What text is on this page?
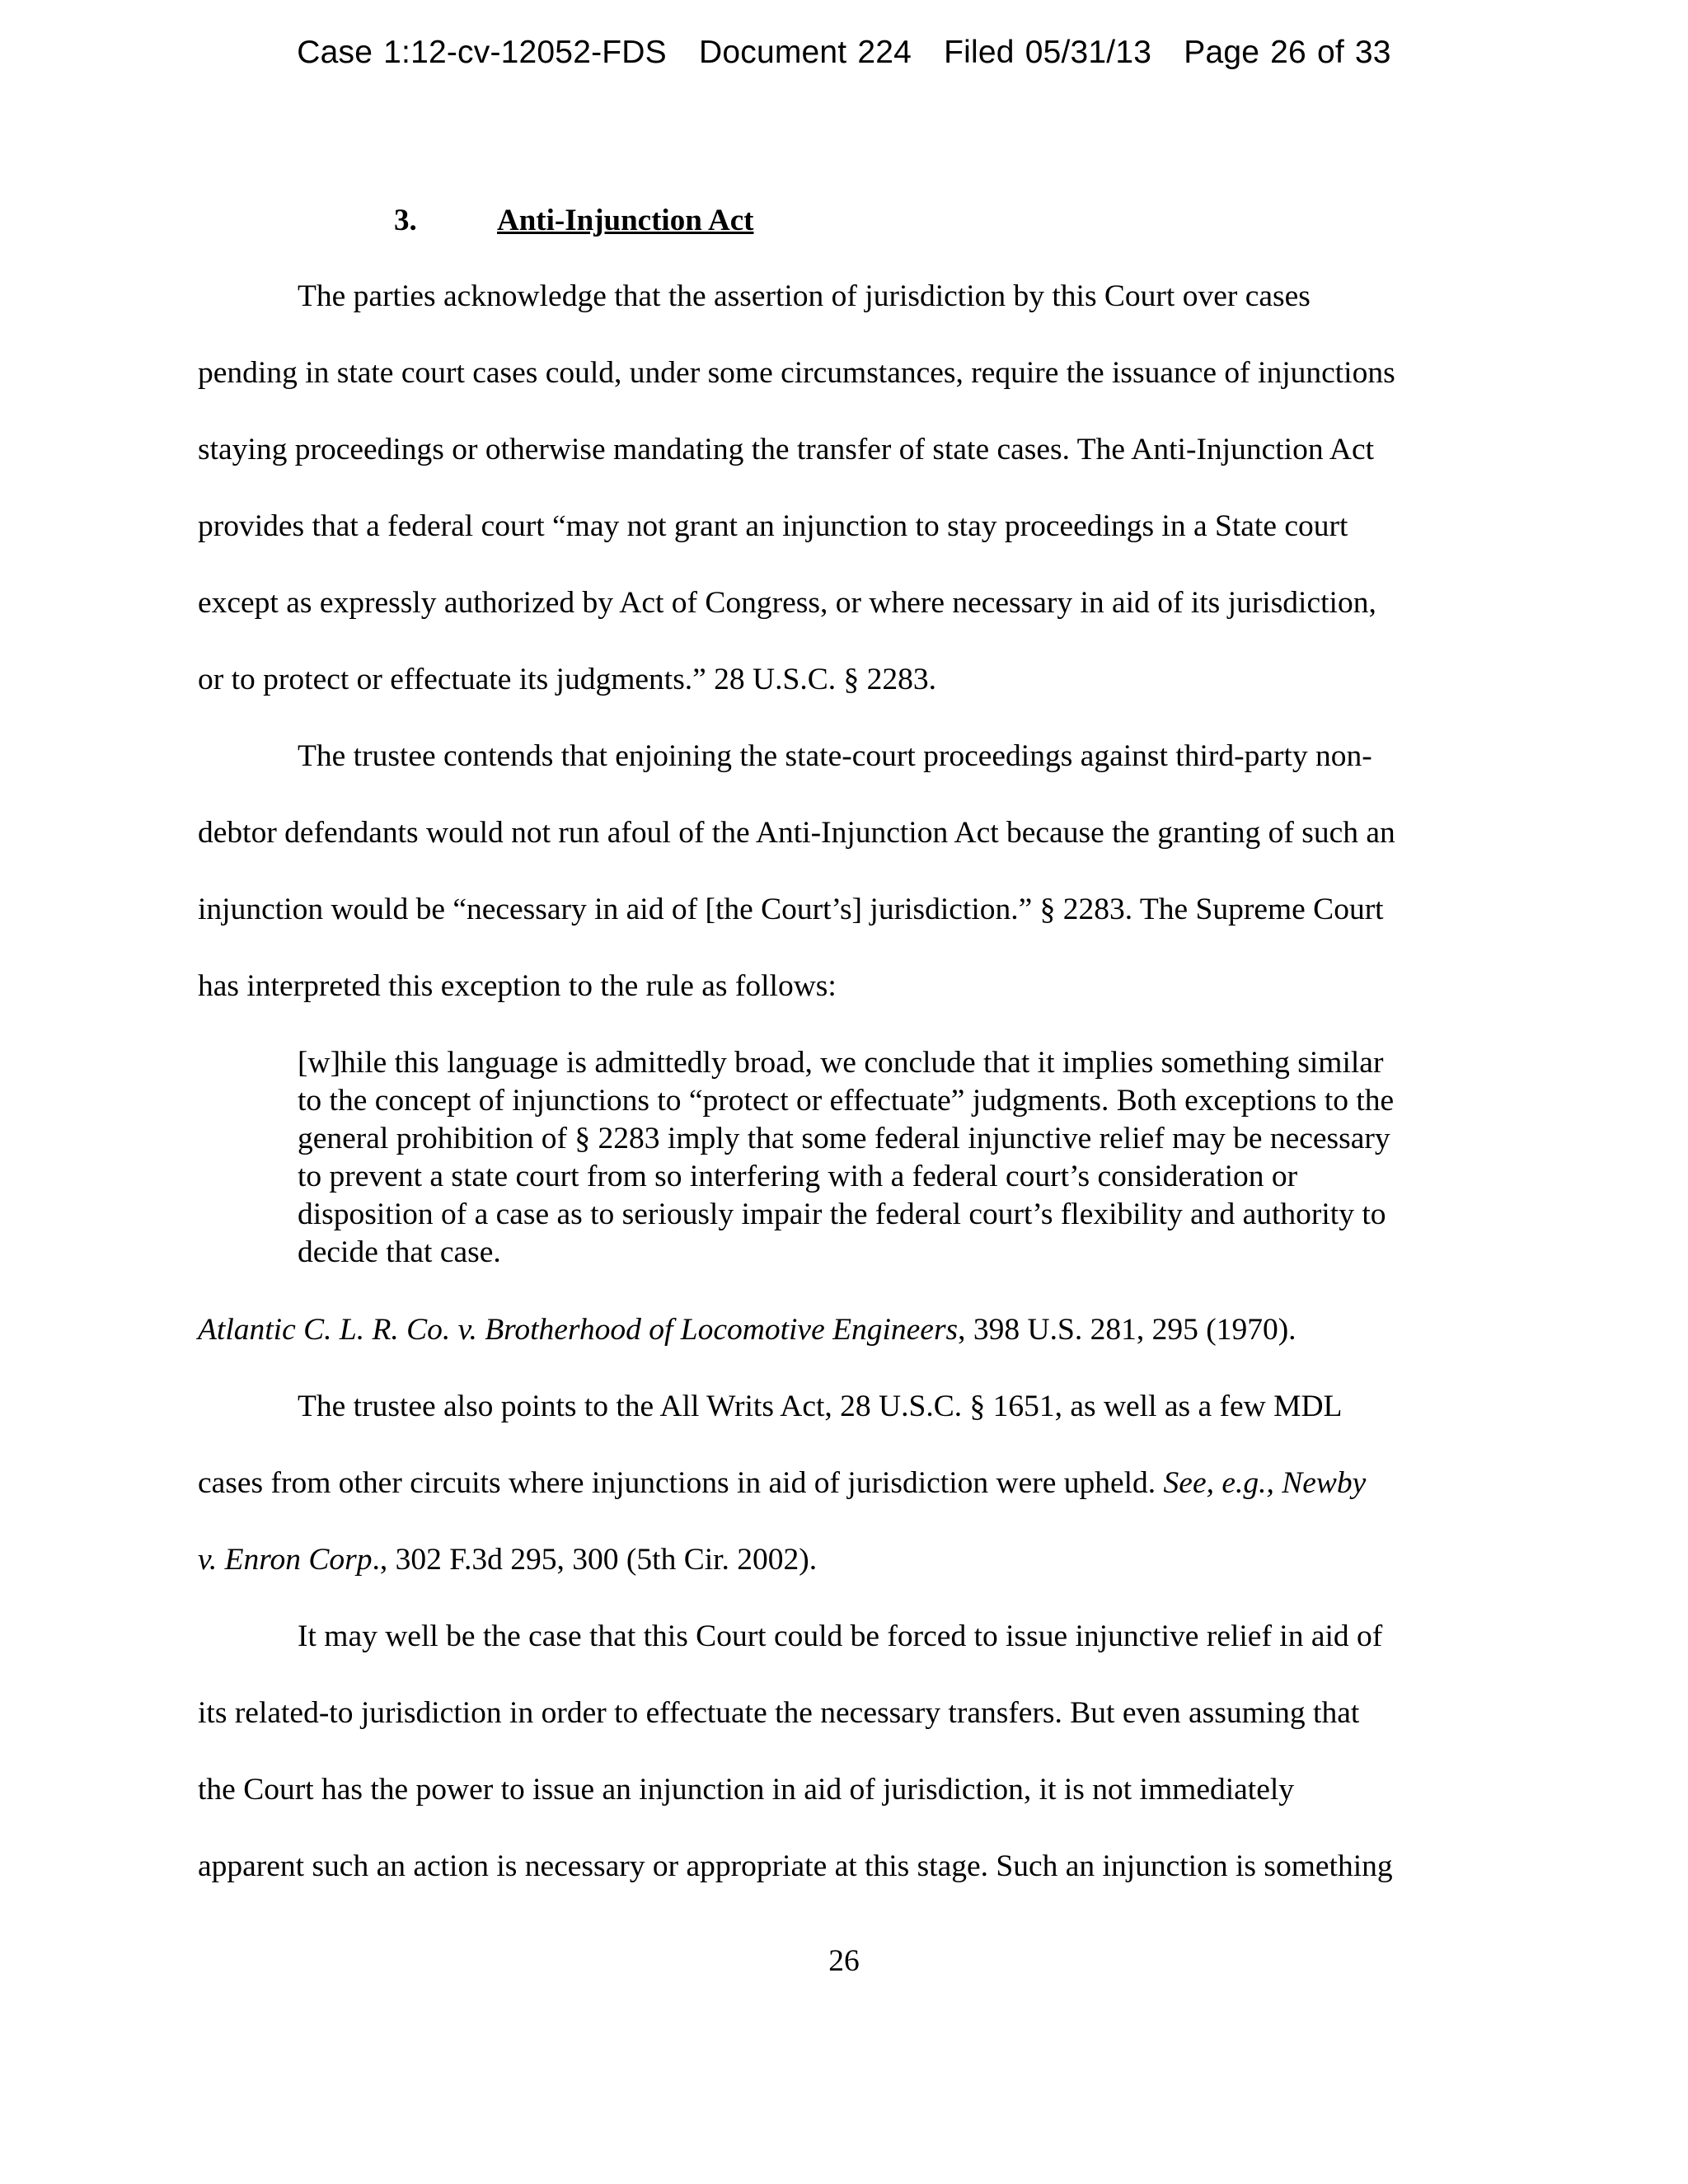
Case 1:12-cv-12052-FDS   Document 224   Filed 05/31/13   Page 26 of 33
3.	Anti-Injunction Act
The parties acknowledge that the assertion of jurisdiction by this Court over cases
pending in state court cases could, under some circumstances, require the issuance of injunctions
staying proceedings or otherwise mandating the transfer of state cases. The Anti-Injunction Act
provides that a federal court “may not grant an injunction to stay proceedings in a State court
except as expressly authorized by Act of Congress, or where necessary in aid of its jurisdiction,
or to protect or effectuate its judgments.” 28 U.S.C. § 2283.
The trustee contends that enjoining the state-court proceedings against third-party non-
debtor defendants would not run afoul of the Anti-Injunction Act because the granting of such an
injunction would be “necessary in aid of [the Court’s] jurisdiction.” § 2283. The Supreme Court
has interpreted this exception to the rule as follows:
[w]hile this language is admittedly broad, we conclude that it implies something similar
to the concept of injunctions to “protect or effectuate” judgments. Both exceptions to the
general prohibition of § 2283 imply that some federal injunctive relief may be necessary
to prevent a state court from so interfering with a federal court’s consideration or
disposition of a case as to seriously impair the federal court’s flexibility and authority to
decide that case.
Atlantic C. L. R. Co. v. Brotherhood of Locomotive Engineers, 398 U.S. 281, 295 (1970).
The trustee also points to the All Writs Act, 28 U.S.C. § 1651, as well as a few MDL
cases from other circuits where injunctions in aid of jurisdiction were upheld. See, e.g., Newby
v. Enron Corp., 302 F.3d 295, 300 (5th Cir. 2002).
It may well be the case that this Court could be forced to issue injunctive relief in aid of
its related-to jurisdiction in order to effectuate the necessary transfers. But even assuming that
the Court has the power to issue an injunction in aid of jurisdiction, it is not immediately
apparent such an action is necessary or appropriate at this stage. Such an injunction is something
26
